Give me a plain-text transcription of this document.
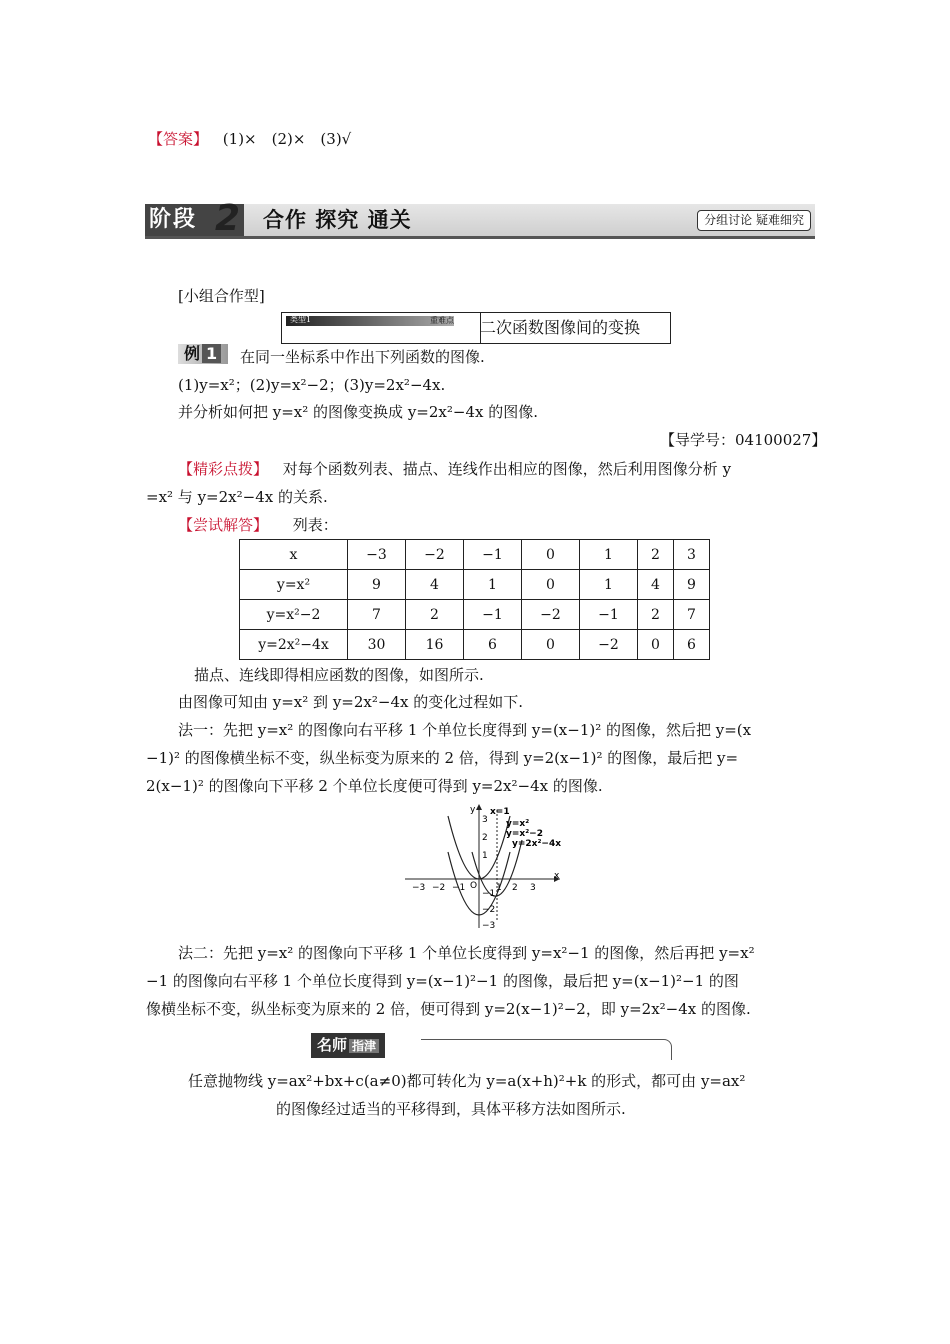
【答案】 (1)×　(2)×　(3)√
阶段 2 合作 探究 通关	分组讨论 疑难细究
[小组合作型]
类型1	重难点 二次函数图像间的变换
例 1	在同一坐标系中作出下列函数的图像.
(1)y=x²；(2)y=x²−2；(3)y=2x²−4x.
并分析如何把 y=x² 的图像变换成 y=2x²−4x 的图像.
【导学号：04100027】
【精彩点拨】 对每个函数列表、描点、连线作出相应的图像，然后利用图像分析 y
=x² 与 y=2x²−4x 的关系.
【尝试解答】 列表：
x	−3	−2	−1	0	1	2	3
y=x²	9	4	1	0	1	4	9
y=x²−2	7	2	−1	−2	−1	2	7
y=2x²−4x	30	16	6	0	−2	0	6
描点、连线即得相应函数的图像，如图所示.
由图像可知由 y=x² 到 y=2x²−4x 的变化过程如下.
法一：先把 y=x² 的图像向右平移 1 个单位长度得到 y=(x−1)² 的图像，然后把 y=(x
−1)² 的图像横坐标不变，纵坐标变为原来的 2 倍，得到 y=2(x−1)² 的图像，最后把 y=
2(x−1)² 的图像向下平移 2 个单位长度便可得到 y=2x²−4x 的图像.
y
x
x=1
y=x²
y=x²−2
y=2x²−4x
O
−3 −2 −1	1 2 3
3
2
1
−1
−2
−3
法二：先把 y=x² 的图像向下平移 1 个单位长度得到 y=x²−1 的图像，然后再把 y=x²
−1 的图像向右平移 1 个单位长度得到 y=(x−1)²−1 的图像，最后把 y=(x−1)²−1 的图
像横坐标不变，纵坐标变为原来的 2 倍，便可得到 y=2(x−1)²−2，即 y=2x²−4x 的图像.
名师 指津
任意抛物线 y=ax²+bx+c(a≠0)都可转化为 y=a(x+h)²+k 的形式，都可由 y=ax²
的图像经过适当的平移得到，具体平移方法如图所示.
